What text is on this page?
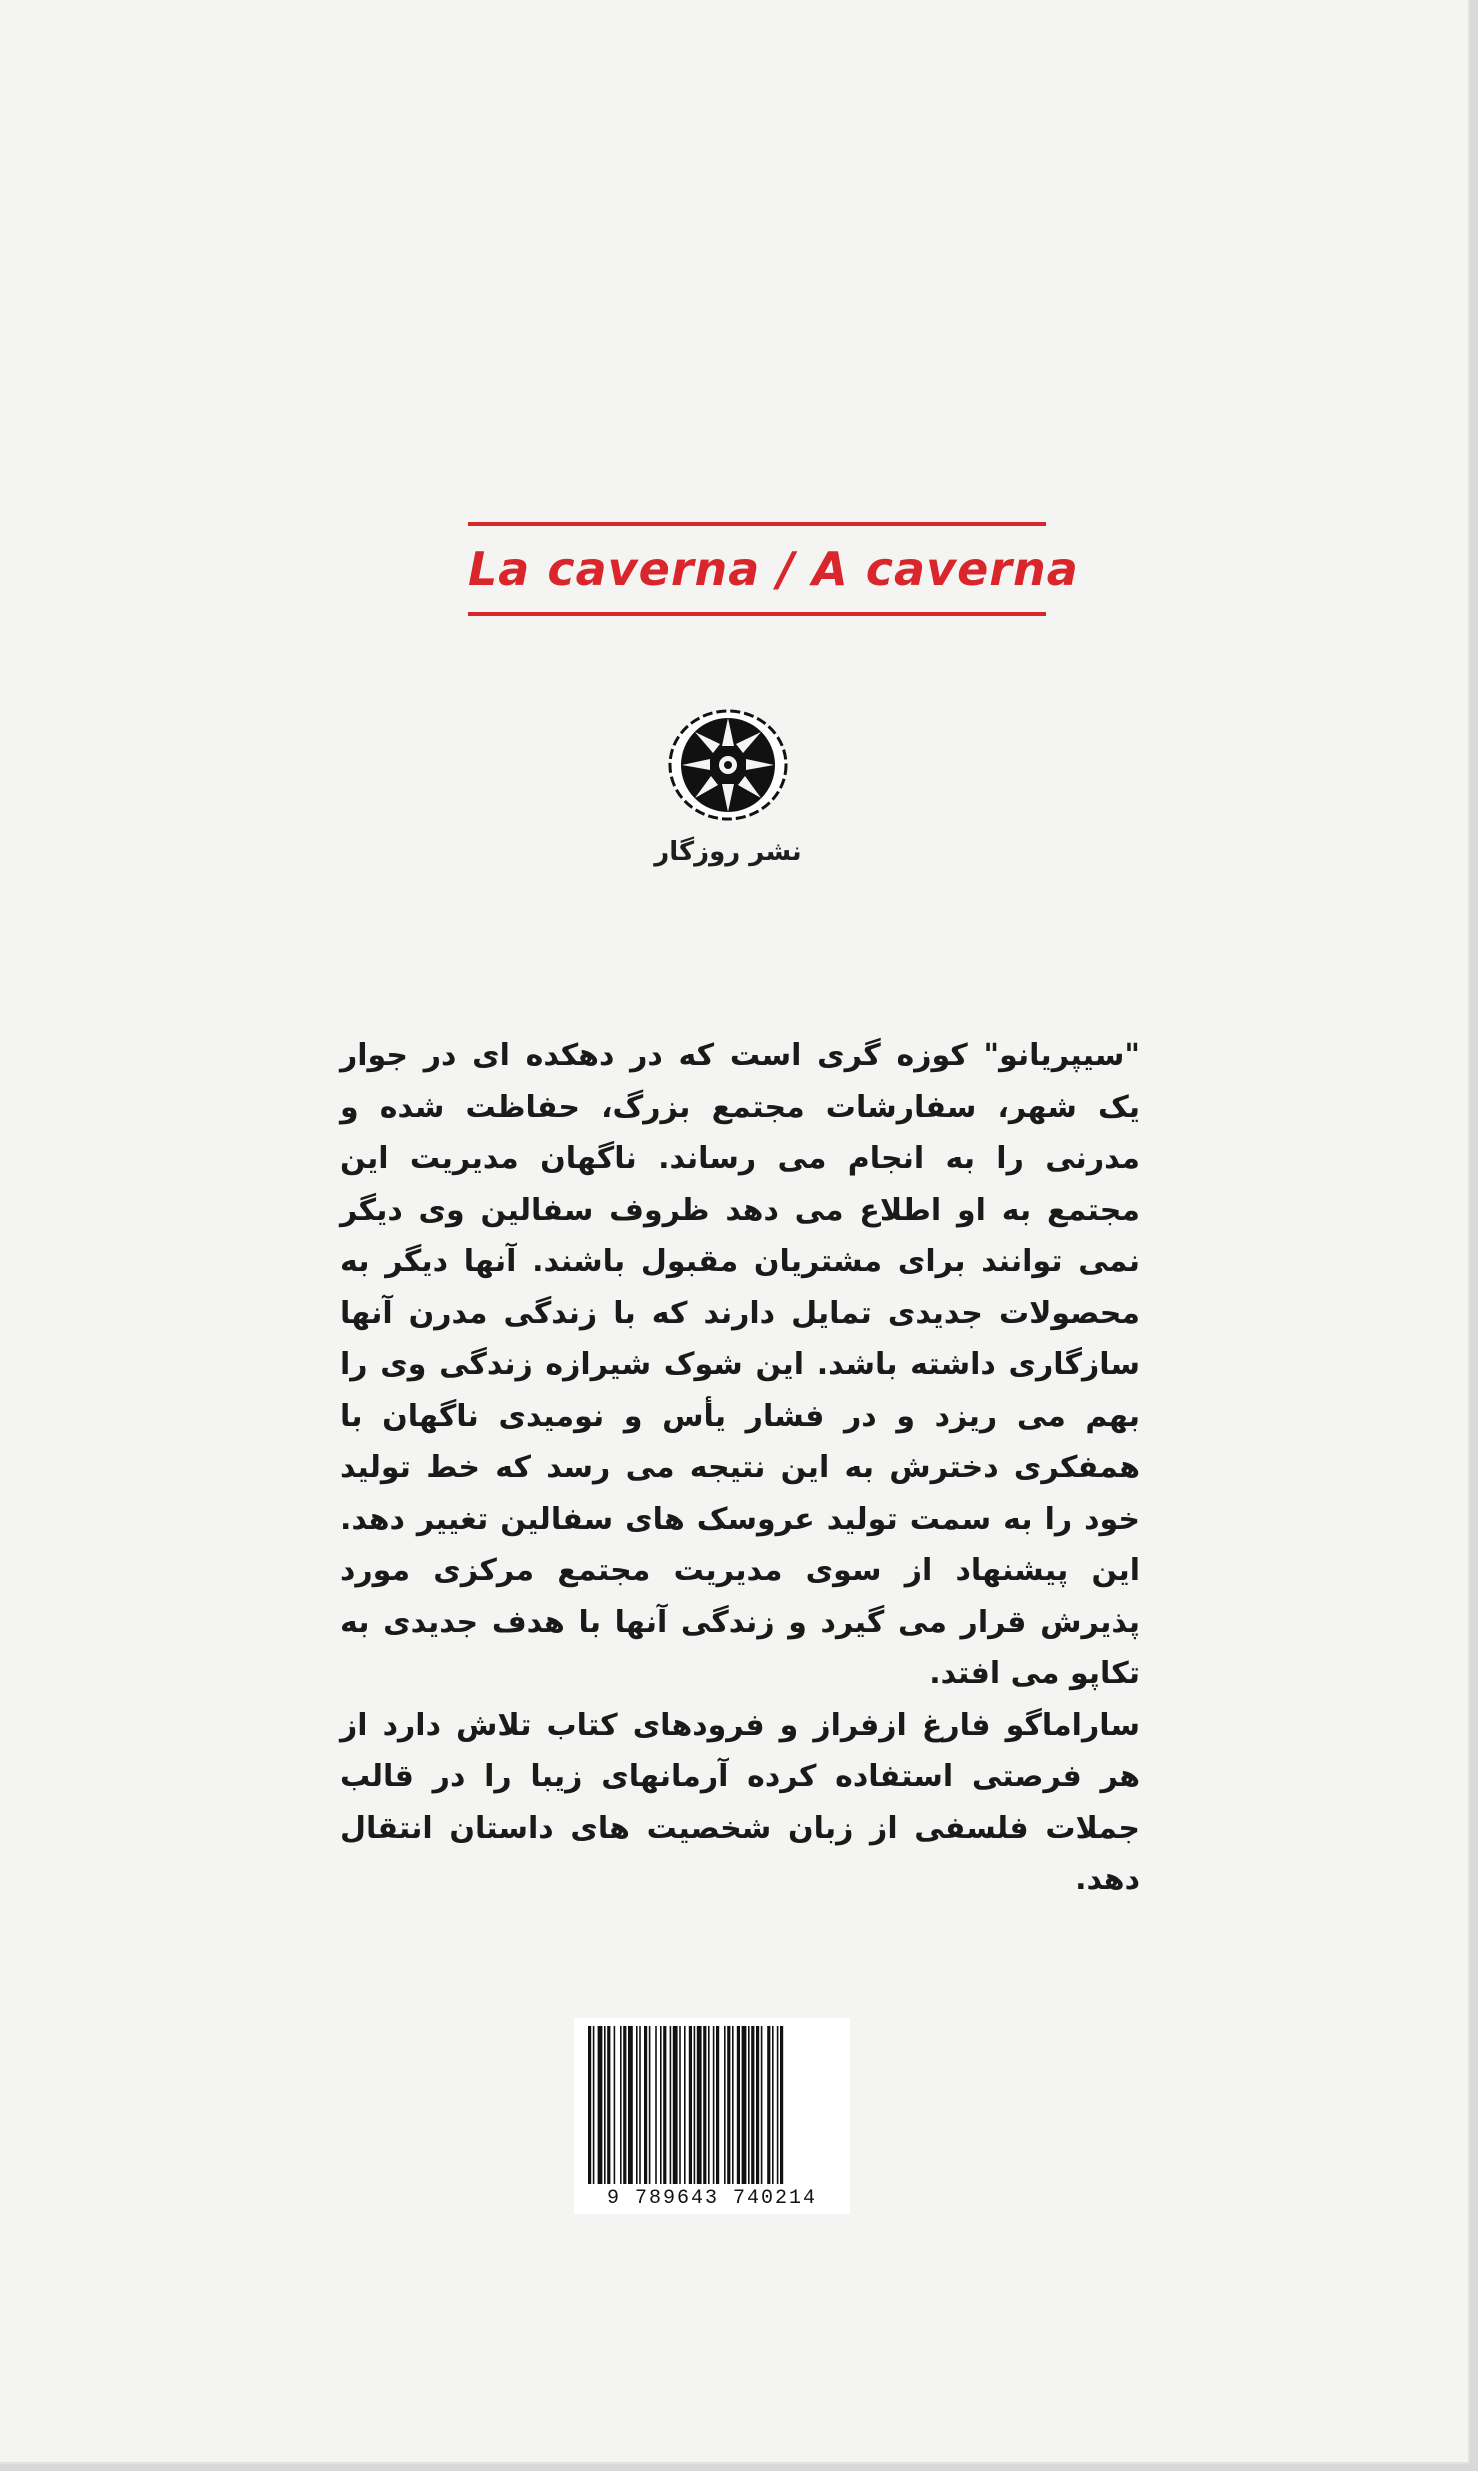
La caverna / A caverna
نشر روزگار

"سیپریانو" کوزه گری است که در دهکده ای در جوار یک شهر، سفارشات مجتمع بزرگ، حفاظت شده و مدرنی را به انجام می رساند. ناگهان مدیریت این مجتمع به او اطلاع می دهد ظروف سفالین وی دیگر نمی توانند برای مشتریان مقبول باشند. آنها دیگر به محصولات جدیدی تمایل دارند که با زندگی مدرن آنها سازگاری داشته باشد. این شوک شیرازه زندگی وی را بهم می ریزد و در فشار یأس و نومیدی ناگهان با همفکری دخترش به این نتیجه می رسد که خط تولید خود را به سمت تولید عروسک های سفالین تغییر دهد. این پیشنهاد از سوی مدیریت مجتمع مرکزی مورد پذیرش قرار می گیرد و زندگی آنها با هدف جدیدی به تکاپو می افتد.

ساراماگو فارغ ازفراز و فرودهای کتاب تلاش دارد از هر فرصتی استفاده کرده آرمانهای زیبا را در قالب جملات فلسفی از زبان شخصیت های داستان انتقال دهد.

9 789643 740214
